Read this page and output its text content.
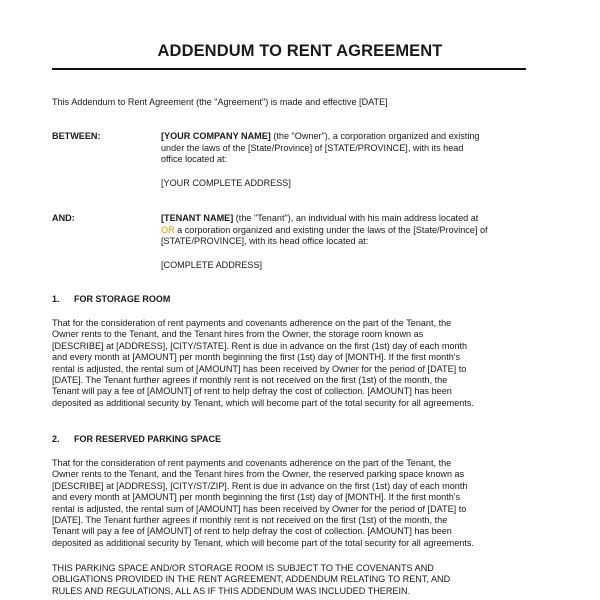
ADDENDUM TO RENT AGREEMENT
This Addendum to Rent Agreement (the "Agreement") is made and effective [DATE]
BETWEEN:	[YOUR COMPANY NAME] (the "Owner"), a corporation organized and existing
under the laws of the [State/Province] of [STATE/PROVINCE], with its head
office located at:
[YOUR COMPLETE ADDRESS]
AND:	[TENANT NAME] (the "Tenant"), an individual with his main address located at
OR a corporation organized and existing under the laws of the [State/Province] of
[STATE/PROVINCE], with its head office located at:
[COMPLETE ADDRESS]
1. FOR STORAGE ROOM
That for the consideration of rent payments and covenants adherence on the part of the Tenant, the
Owner rents to the Tenant, and the Tenant hires from the Owner, the storage room known as
[DESCRIBE] at [ADDRESS], [CITY/STATE]. Rent is due in advance on the first (1st) day of each month
and every month at [AMOUNT] per month beginning the first (1st) day of [MONTH]. If the first month's
rental is adjusted, the rental sum of [AMOUNT] has been received by Owner for the period of [DATE] to
[DATE]. The Tenant further agrees if monthly rent is not received on the first (1st) of the month, the
Tenant will pay a fee of [AMOUNT] of rent to help defray the cost of collection. [AMOUNT] has been
deposited as additional security by Tenant, which will become part of the total security for all agreements.
2. FOR RESERVED PARKING SPACE
That for the consideration of rent payments and covenants adherence on the part of the Tenant, the
Owner rents to the Tenant, and the Tenant hires from the Owner, the reserved parking space known as
[DESCRIBE] at [ADDRESS], [CITY/ST/ZIP]. Rent is due in advance on the first (1st) day of each month
and every month at [AMOUNT] per month beginning the first (1st) day of [MONTH]. If the first month's
rental is adjusted, the rental sum of [AMOUNT] has been received by Owner for the period of [DATE] to
[DATE]. The Tenant further agrees if monthly rent is not received on the first (1st) of the month, the
Tenant will pay a fee of [AMOUNT] of rent to help defray the cost of collection. [AMOUNT] has been
deposited as additional security by Tenant, which will become part of the total security for all agreements.
THIS PARKING SPACE AND/OR STORAGE ROOM IS SUBJECT TO THE COVENANTS AND
OBLIGATIONS PROVIDED IN THE RENT AGREEMENT, ADDENDUM RELATING TO RENT, AND
RULES AND REGULATIONS, ALL AS IF THIS ADDENDUM WAS INCLUDED THEREIN.
